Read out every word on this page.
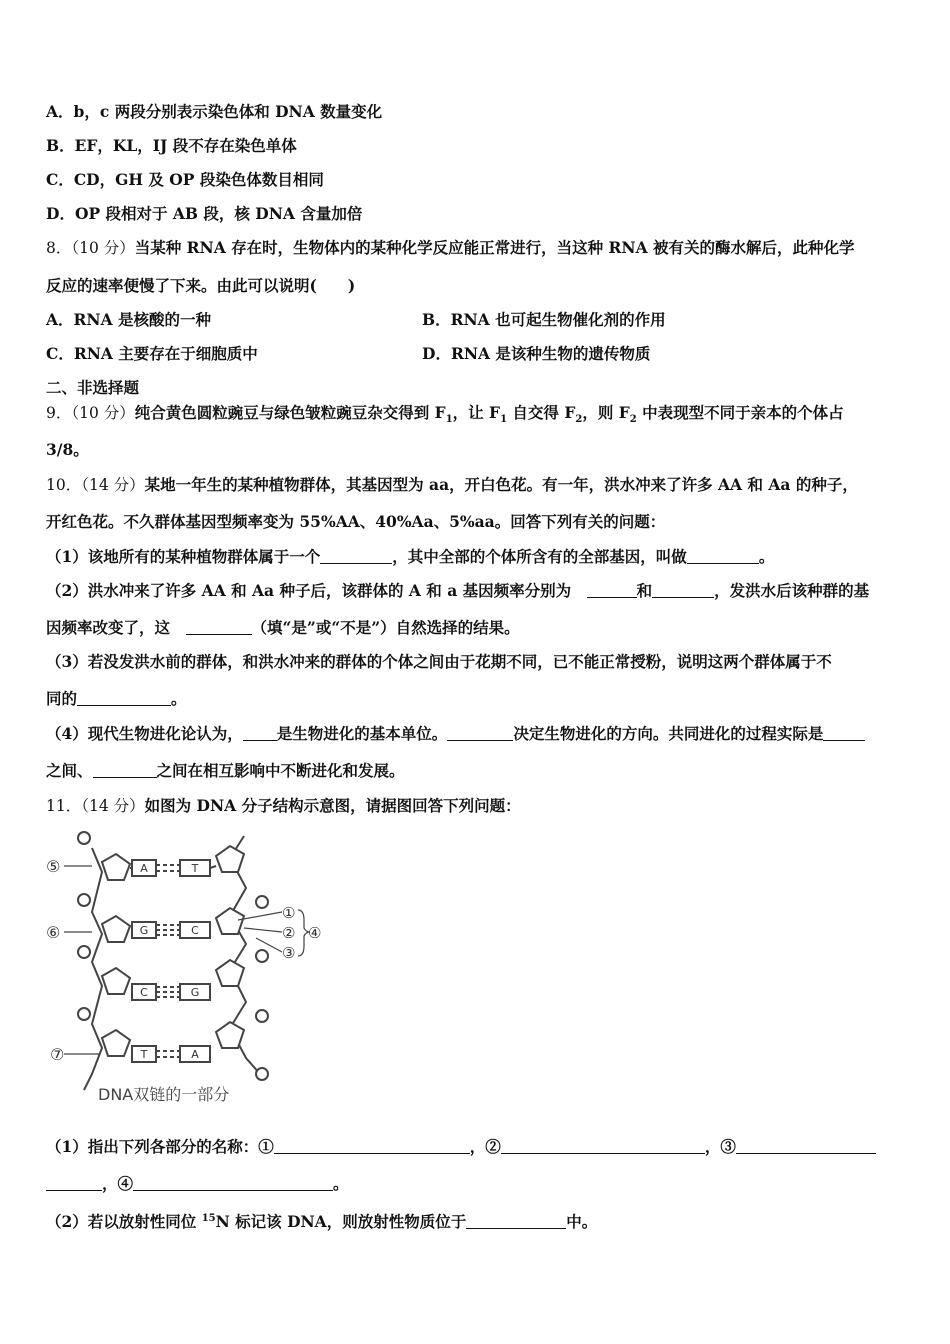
A．b，c 两段分别表示染色体和 DNA 数量变化
B．EF，KL，IJ 段不存在染色单体
C．CD，GH 及 OP 段染色体数目相同
D．OP 段相对于 AB 段，核 DNA 含量加倍
8．（10 分）当某种 RNA 存在时，生物体内的某种化学反应能正常进行，当这种 RNA 被有关的酶水解后，此种化学
反应的速率便慢了下来。由此可以说明(　　)
A．RNA 是核酸的一种	B．RNA 也可起生物催化剂的作用
C．RNA 主要存在于细胞质中	D．RNA 是该种生物的遗传物质
二、非选择题
9．（10 分）纯合黄色圆粒豌豆与绿色皱粒豌豆杂交得到 $F_1$，让 $F_1$ 自交得 $F_2$，则 $F_2$ 中表现型不同于亲本的个体占
3/8。
10．（14 分）某地一年生的某种植物群体，其基因型为 aa，开白色花。有一年，洪水冲来了许多 AA 和 Aa 的种子，
开红色花。不久群体基因型频率变为 55%AA、40%Aa、5%aa。回答下列有关的问题：
（1）该地所有的某种植物群体属于一个	，其中全部的个体所含有的全部基因，叫做	。
（2）洪水冲来了许多 AA 和 Aa 种子后，该群体的 A 和 a 基因频率分别为　	和	，发洪水后该种群的基
因频率改变了，这　	（填“是”或“不是”）自然选择的结果。
（3）若没发洪水前的群体，和洪水冲来的群体的个体之间由于花期不同，已不能正常授粉，说明这两个群体属于不
同的	。
（4）现代生物进化论认为， 是生物进化的基本单位。	决定生物进化的方向。共同进化的过程实际是
之间、	之间在相互影响中不断进化和发展。
11．（14 分）如图为 DNA 分子结构示意图，请据图回答下列问题：
A	T
G	C
C	G
T	A
⑤
⑥
⑦
①
②
③
④
DNA双链的一部分
（1）指出下列各部分的名称：①	，②	，③
，④	。
（2）若以放射性同位 $^{15}$N 标记该 DNA，则放射性物质位于	中。
